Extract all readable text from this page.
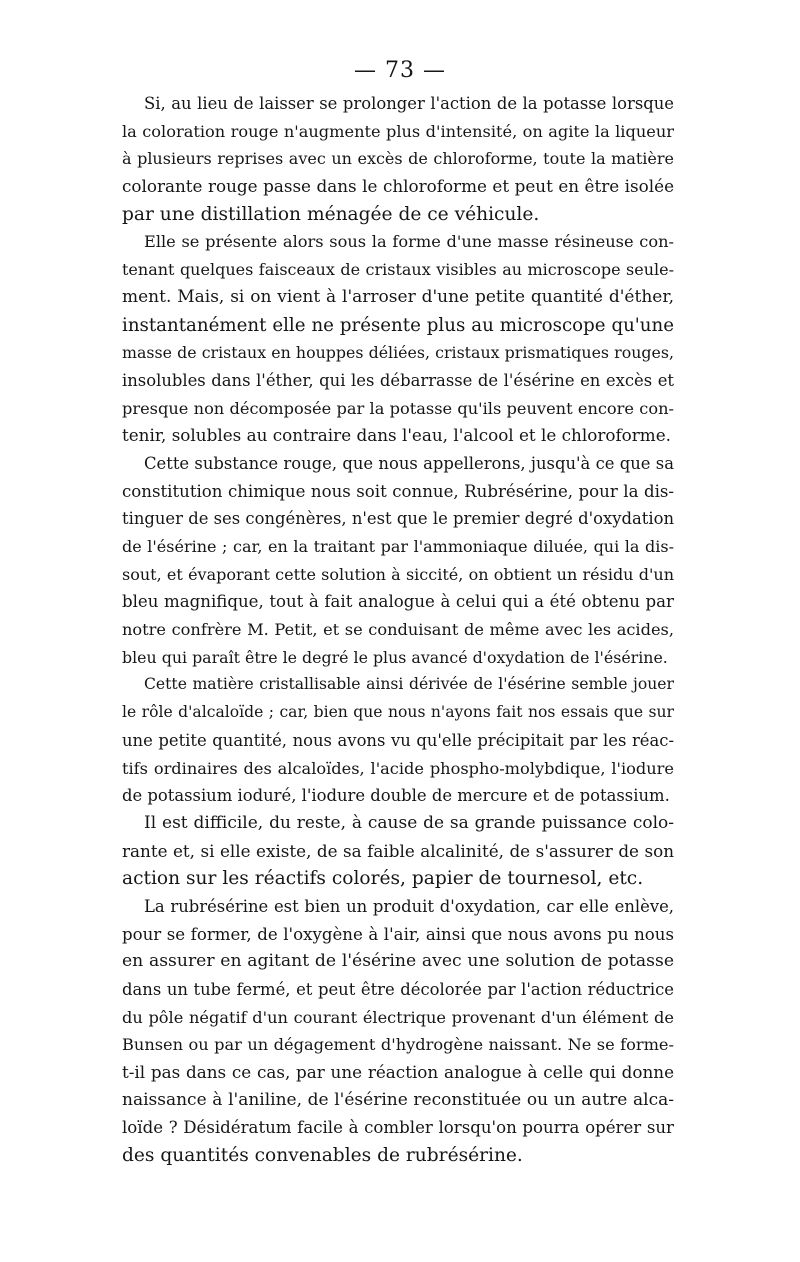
— 73 —
Si, au lieu de laisser se prolonger l'action de la potasse lorsque
la coloration rouge n'augmente plus d'intensité, on agite la liqueur
à plusieurs reprises avec un excès de chloroforme, toute la matière
colorante rouge passe dans le chloroforme et peut en être isolée
par une distillation ménagée de ce véhicule.
Elle se présente alors sous la forme d'une masse résineuse con-
tenant quelques faisceaux de cristaux visibles au microscope seule-
ment. Mais, si on vient à l'arroser d'une petite quantité d'éther,
instantanément elle ne présente plus au microscope qu'une
masse de cristaux en houppes déliées, cristaux prismatiques rouges,
insolubles dans l'éther, qui les débarrasse de l'ésérine en excès et
presque non décomposée par la potasse qu'ils peuvent encore con-
tenir, solubles au contraire dans l'eau, l'alcool et le chloroforme.
Cette substance rouge, que nous appellerons, jusqu'à ce que sa
constitution chimique nous soit connue, Rubrésérine, pour la dis-
tinguer de ses congénères, n'est que le premier degré d'oxydation
de l'ésérine ; car, en la traitant par l'ammoniaque diluée, qui la dis-
sout, et évaporant cette solution à siccité, on obtient un résidu d'un
bleu magnifique, tout à fait analogue à celui qui a été obtenu par
notre confrère M. Petit, et se conduisant de même avec les acides,
bleu qui paraît être le degré le plus avancé d'oxydation de l'ésérine.
Cette matière cristallisable ainsi dérivée de l'ésérine semble jouer
le rôle d'alcaloïde ; car, bien que nous n'ayons fait nos essais que sur
une petite quantité, nous avons vu qu'elle précipitait par les réac-
tifs ordinaires des alcaloïdes, l'acide phospho-molybdique, l'iodure
de potassium ioduré, l'iodure double de mercure et de potassium.
Il est difficile, du reste, à cause de sa grande puissance colo-
rante et, si elle existe, de sa faible alcalinité, de s'assurer de son
action sur les réactifs colorés, papier de tournesol, etc.
La rubrésérine est bien un produit d'oxydation, car elle enlève,
pour se former, de l'oxygène à l'air, ainsi que nous avons pu nous
en assurer en agitant de l'ésérine avec une solution de potasse
dans un tube fermé, et peut être décolorée par l'action réductrice
du pôle négatif d'un courant électrique provenant d'un élément de
Bunsen ou par un dégagement d'hydrogène naissant. Ne se forme-
t-il pas dans ce cas, par une réaction analogue à celle qui donne
naissance à l'aniline, de l'ésérine reconstituée ou un autre alca-
loïde ? Désidératum facile à combler lorsqu'on pourra opérer sur
des quantités convenables de rubrésérine.
